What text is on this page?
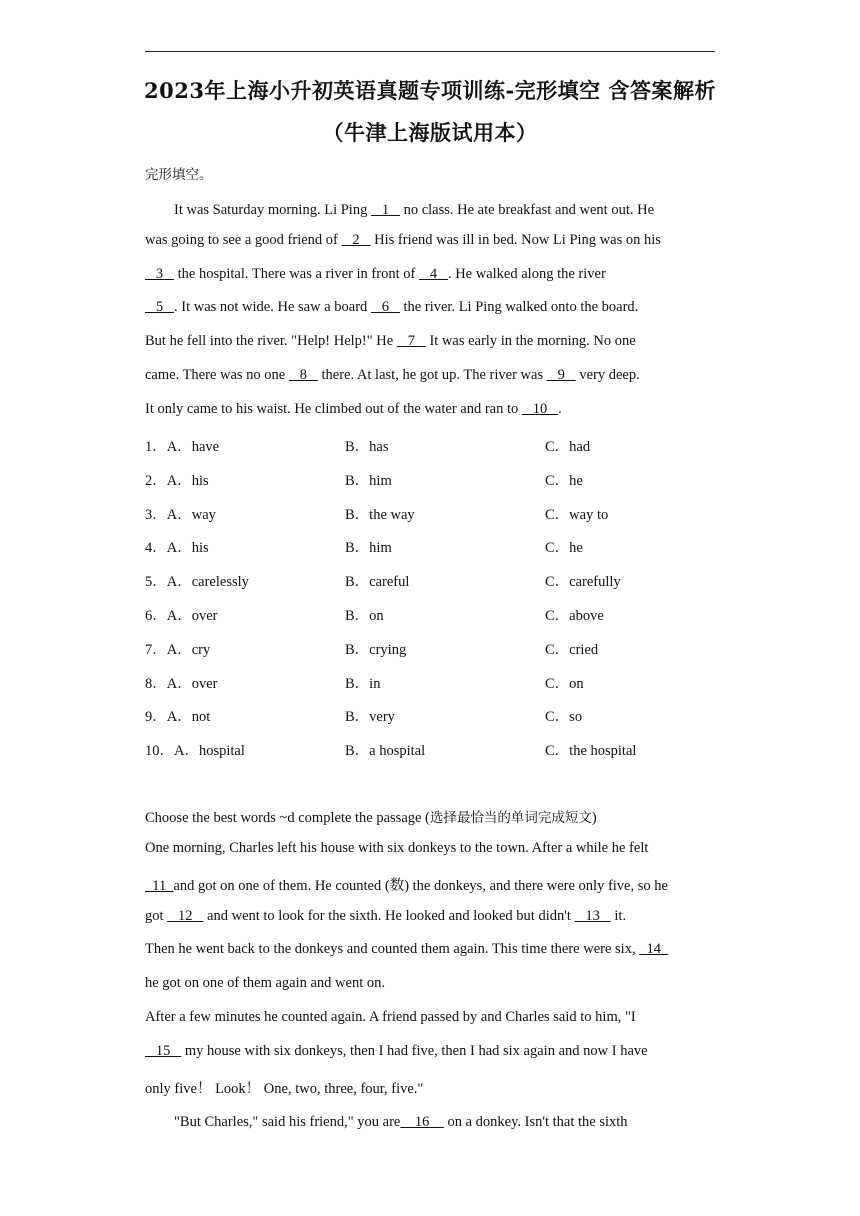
2023年上海小升初英语真题专项训练-完形填空 含答案解析
（牛津上海版试用本）
完形填空。
　　It was Saturday morning. Li Ping    1    no class. He ate breakfast and went out. He
was going to see a good friend of    2    His friend was ill in bed. Now Li Ping was on his
3    the hospital. There was a river in front of    4   . He walked along the river
5   . It was not wide. He saw a board    6    the river. Li Ping walked onto the board.
But he fell into the river. "Help! Help!" He    7    It was early in the morning. No one
came. There was no one    8    there. At last, he got up. The river was    9    very deep.
It only came to his waist. He climbed out of the water and ran to    10   .
1．A．have	B．has	C．had
2．A．his	B．him	C．he
3．A．way	B．the way	C．way to
4．A．his	B．him	C．he
5．A．carelessly	B．careful	C．carefully
6．A．over	B．on	C．above
7．A．cry	B．crying	C．cried
8．A．over	B．in	C．on
9．A．not	B．very	C．so
10．A．hospital	B．a hospital	C．the hospital
Choose the best words ~d complete the passage (选择最恰当的单词完成短文)
One morning, Charles left his house with six donkeys to the town. After a while he felt
11  and got on one of them. He counted (数) the donkeys, and there were only five, so he
got    12    and went to look for the sixth. He looked and looked but didn't    13    it.
Then he went back to the donkeys and counted them again. This time there were six,   14
he got on one of them again and went on.
After a few minutes he counted again. A friend passed by and Charles said to him, "I
15    my house with six donkeys, then I had five, then I had six again and now I have
only five！ Look！ One, two, three, four, five."
　　"But Charles," said his friend," you are    16     on a donkey. Isn't that the sixth
